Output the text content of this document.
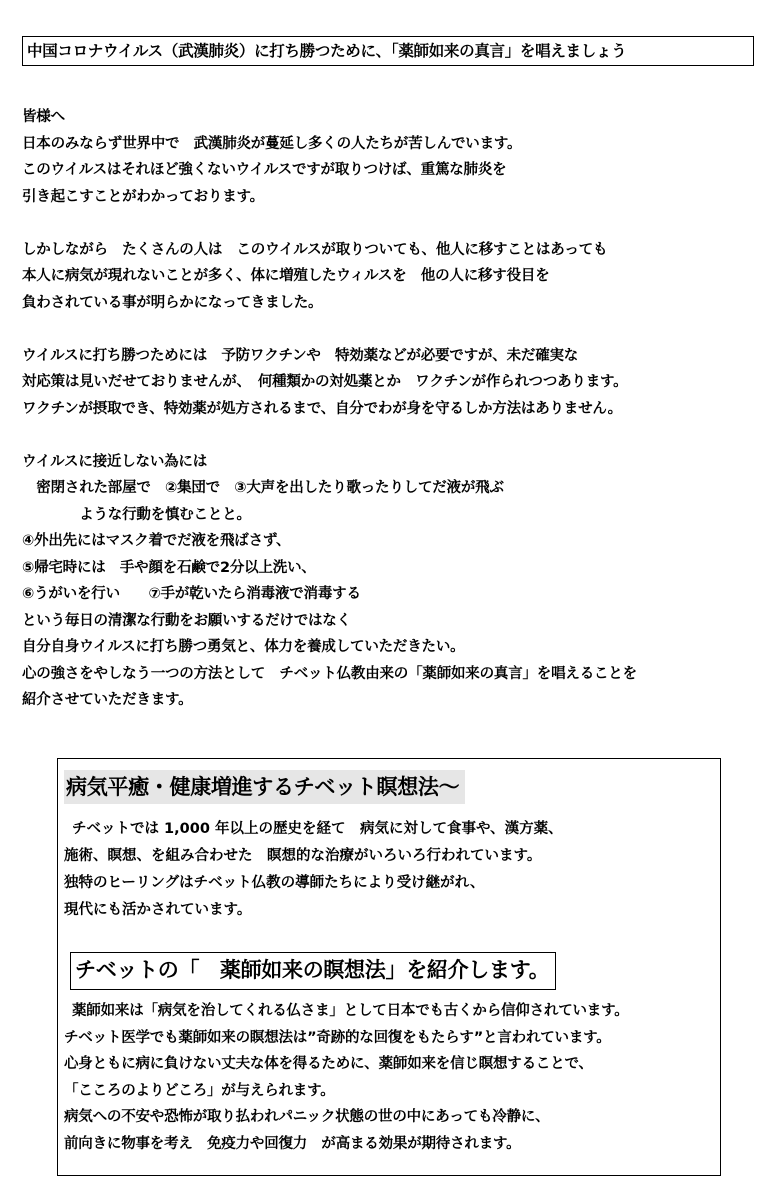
中国コロナウイルス（武漢肺炎）に打ち勝つために、「薬師如来の真言」を唱えましょう
皆様へ
日本のみならず世界中で　武漢肺炎が蔓延し多くの人たちが苦しんでいます。
このウイルスはそれほど強くないウイルスですが取りつけば、重篤な肺炎を
引き起こすことがわかっております。
しかしながら　たくさんの人は　このウイルスが取りついても、他人に移すことはあっても
本人に病気が現れないことが多く、体に増殖したウィルスを　他の人に移す役目を
負わされている事が明らかになってきました。
ウイルスに打ち勝つためには　予防ワクチンや　特効薬などが必要ですが、未だ確実な
対応策は見いだせておりませんが、　何種類かの対処薬とか　ワクチンが作られつつあります。
ワクチンが摂取でき、特効薬が処方されるまで、自分でわが身を守るしか方法はありません。
ウイルスに接近しない為には
　密閉された部屋で　②集団で　③大声を出したり歌ったりしてだ液が飛ぶ
　　　　ような行動を慎むことと。
④外出先にはマスク着でだ液を飛ばさず、
⑤帰宅時には　手や顔を石鹸で2分以上洗い、
⑥うがいを行い　　⑦手が乾いたら消毒液で消毒する
という毎日の清潔な行動をお願いするだけではなく
自分自身ウイルスに打ち勝つ勇気と、体力を養成していただきたい。
心の強さをやしなう一つの方法として　チベット仏教由来の「薬師如来の真言」を唱えることを
紹介させていただきます。
病気平癒・健康増進するチベット瞑想法～
チベットでは 1,000 年以上の歴史を経て　病気に対して食事や、漢方薬、
施術、瞑想、を組み合わせた　瞑想的な治療がいろいろ行われています。
独特のヒーリングはチベット仏教の導師たちにより受け継がれ、
現代にも活かされています。
チベットの「　薬師如来の瞑想法」を紹介します。
薬師如来は「病気を治してくれる仏さま」として日本でも古くから信仰されています。
チベット医学でも薬師如来の瞑想法は”奇跡的な回復をもたらす”と言われています。
心身ともに病に負けない丈夫な体を得るために、薬師如来を信じ瞑想することで、
「こころのよりどころ」が与えられます。
病気への不安や恐怖が取り払われパニック状態の世の中にあっても冷静に、
前向きに物事を考え　免疫力や回復力　が高まる効果が期待されます。
